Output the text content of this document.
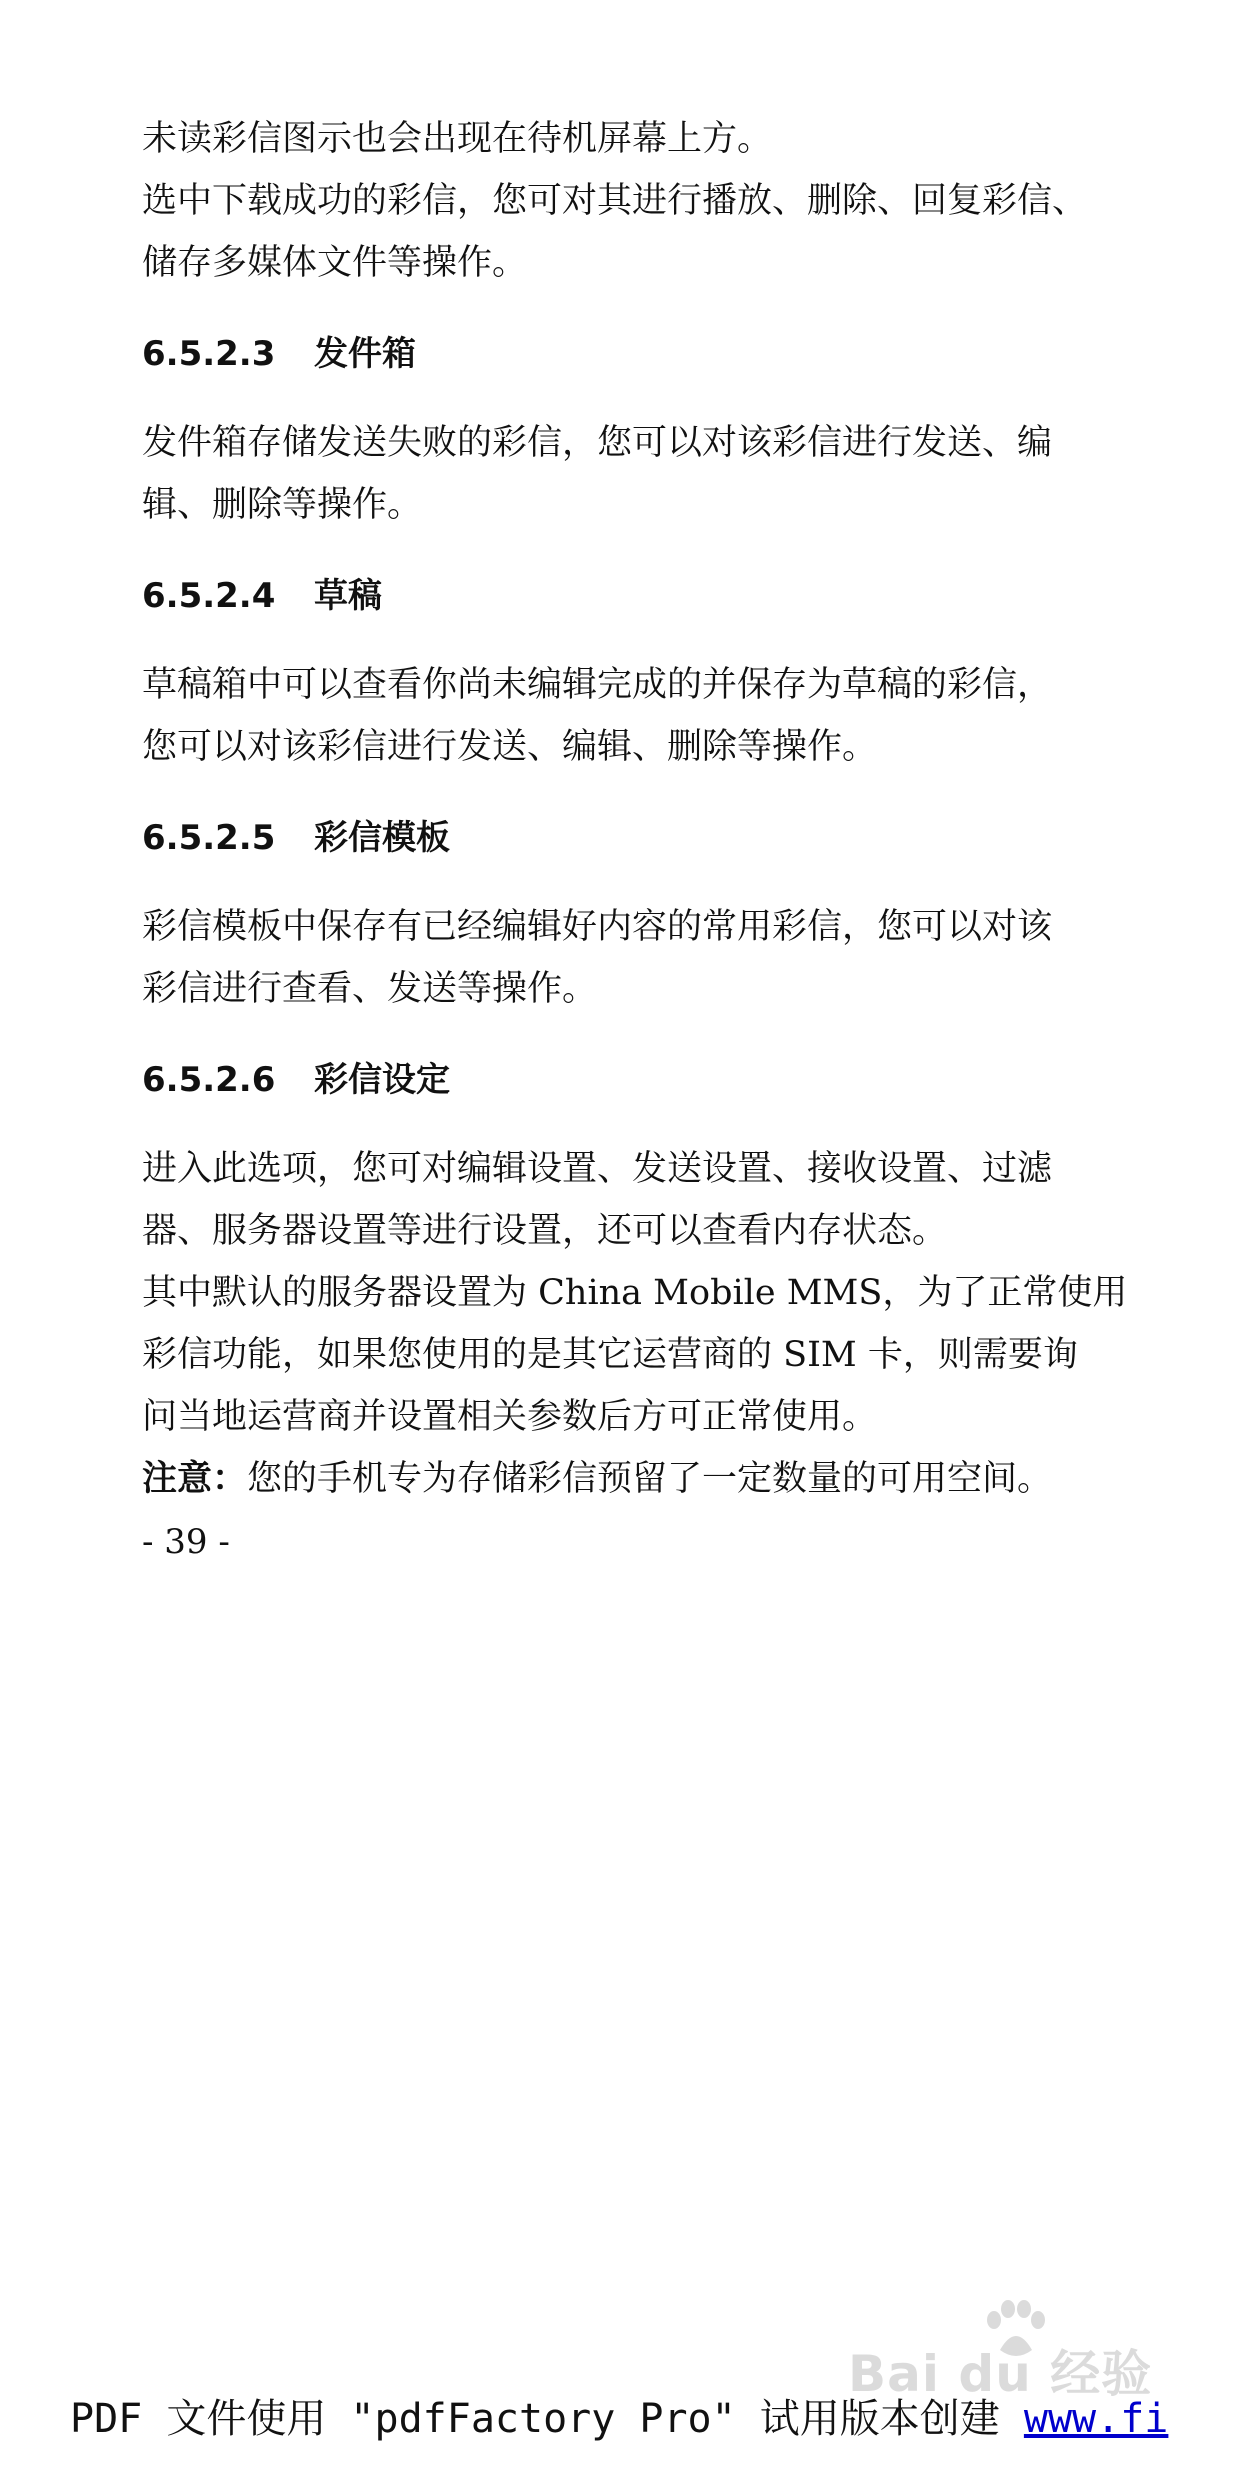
未读彩信图示也会出现在待机屏幕上方。
选中下载成功的彩信，您可对其进行播放、删除、回复彩信、
储存多媒体文件等操作。

6.5.2.3 发件箱

发件箱存储发送失败的彩信，您可以对该彩信进行发送、编
辑、删除等操作。

6.5.2.4 草稿

草稿箱中可以查看你尚未编辑完成的并保存为草稿的彩信，
您可以对该彩信进行发送、编辑、删除等操作。

6.5.2.5 彩信模板

彩信模板中保存有已经编辑好内容的常用彩信，您可以对该
彩信进行查看、发送等操作。

6.5.2.6 彩信设定

进入此选项，您可对编辑设置、发送设置、接收设置、过滤
器、服务器设置等进行设置，还可以查看内存状态。
其中默认的服务器设置为 China Mobile MMS，为了正常使用
彩信功能，如果您使用的是其它运营商的 SIM 卡，则需要询
问当地运营商并设置相关参数后方可正常使用。
注意：您的手机专为存储彩信预留了一定数量的可用空间。

- 39 -
Bai du 经验
PDF 文件使用 "pdfFactory Pro" 试用版本创建 www.fi
